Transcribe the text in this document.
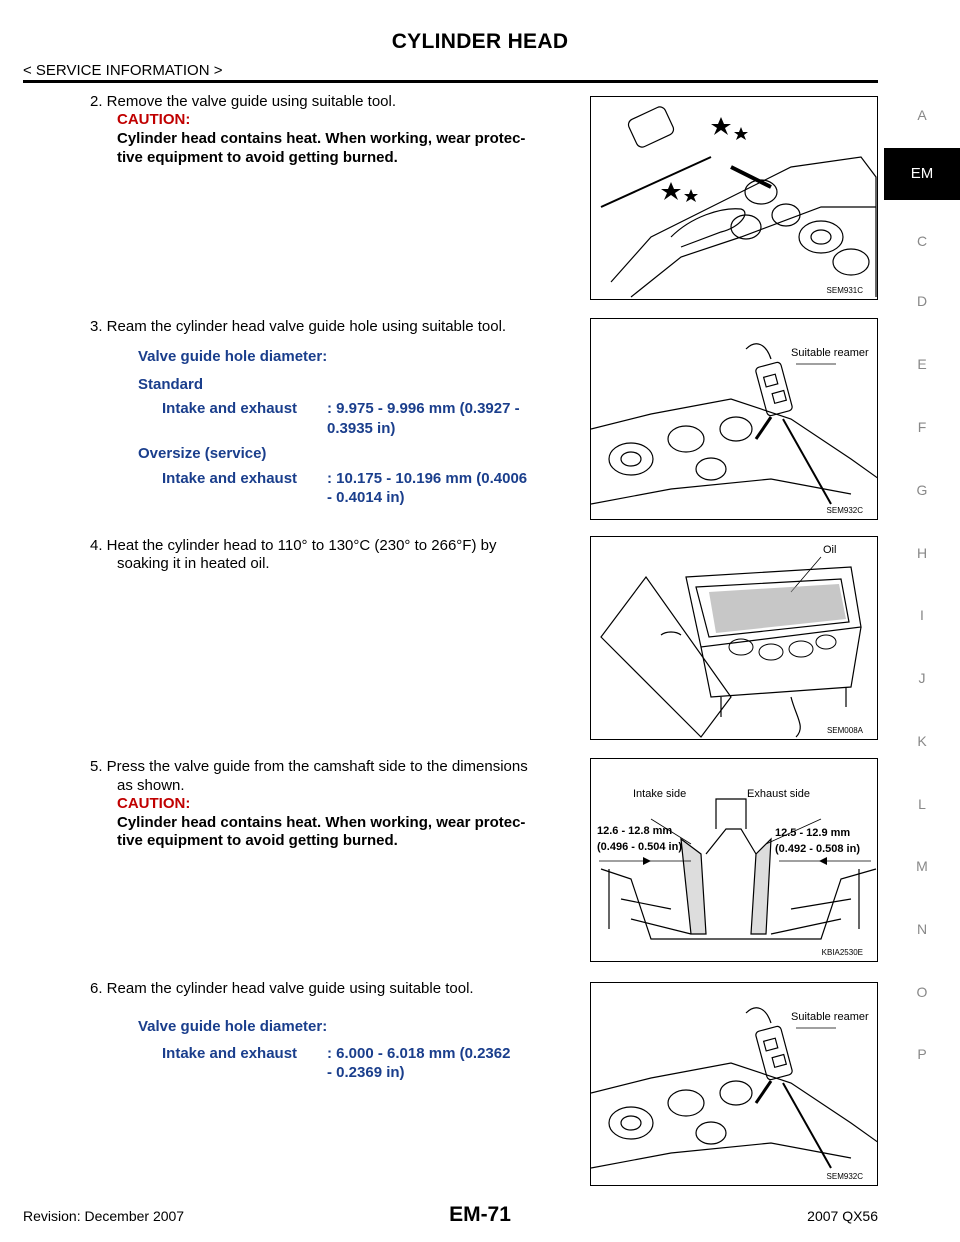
CYLINDER HEAD
< SERVICE INFORMATION >
A
EM
C
D
E
F
G
H
I
J
K
L
M
N
O
P
2. Remove the valve guide using suitable tool.
CAUTION:
Cylinder head contains heat. When working, wear protec-
tive equipment to avoid getting burned.
SEM931C
3. Ream the cylinder head valve guide hole using suitable tool.
Valve guide hole diameter:
Standard
Intake and exhaust : 9.975 - 9.996 mm (0.3927 -
0.3935 in)
Oversize (service)
Intake and exhaust : 10.175 - 10.196 mm (0.4006
- 0.4014 in)
Suitable reamer
SEM932C
4. Heat the cylinder head to 110° to 130°C (230° to 266°F) by
soaking it in heated oil.
Oil
SEM008A
5. Press the valve guide from the camshaft side to the dimensions
as shown.
CAUTION:
Cylinder head contains heat. When working, wear protec-
tive equipment to avoid getting burned.
Intake side	Exhaust side
12.6 - 12.8 mm
(0.496 - 0.504 in)
12.5 - 12.9 mm
(0.492 - 0.508 in)
KBIA2530E
6. Ream the cylinder head valve guide using suitable tool.
Valve guide hole diameter:
Intake and exhaust : 6.000 - 6.018 mm (0.2362
- 0.2369 in)
Suitable reamer
SEM932C
Revision: December 2007	EM-71	2007 QX56
